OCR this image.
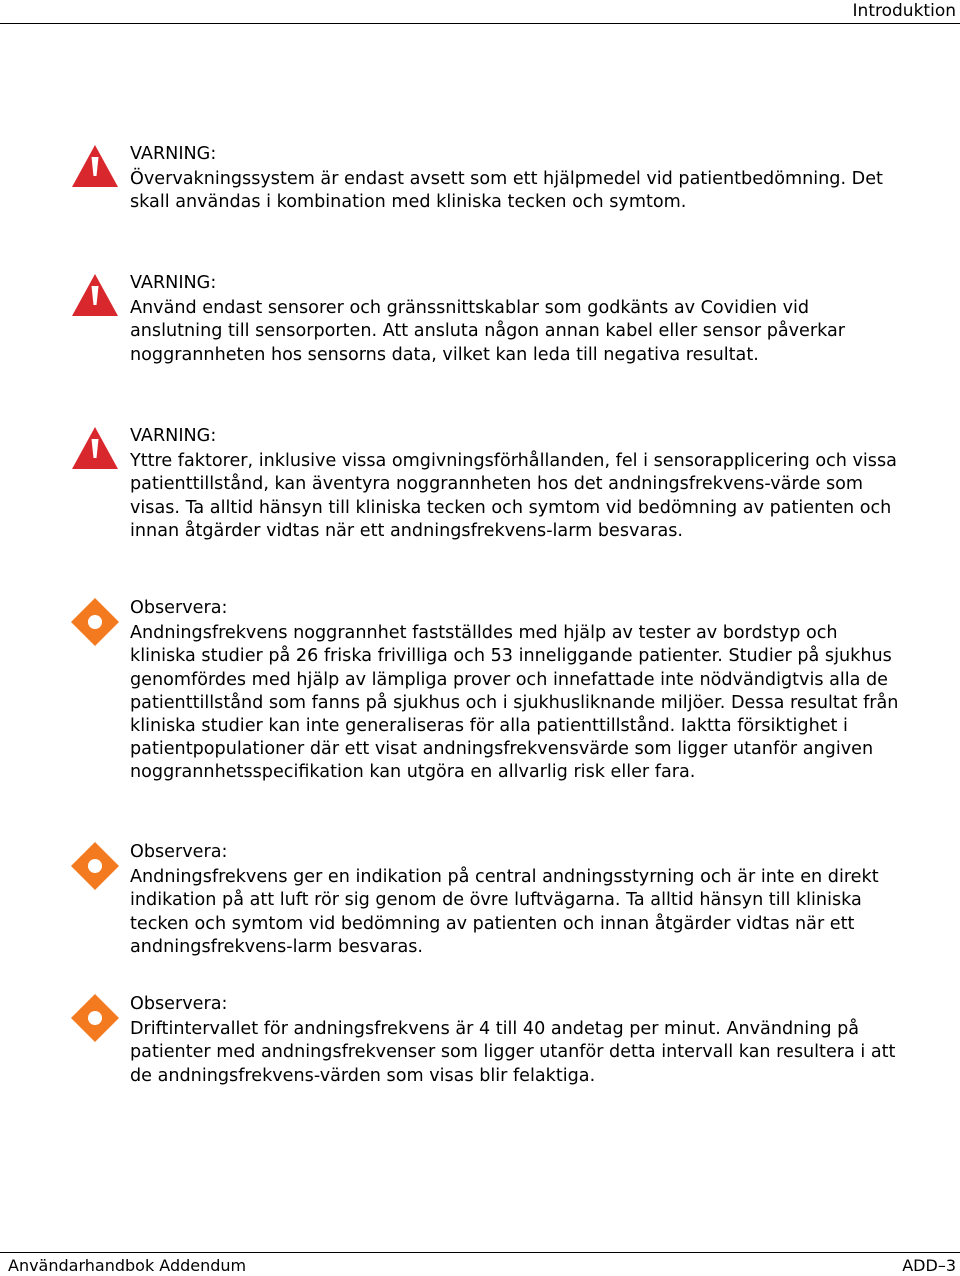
Introduktion
VARNING:
Övervakningssystem är endast avsett som ett hjälpmedel vid patientbedömning. Det skall användas i kombination med kliniska tecken och symtom.
VARNING:
Använd endast sensorer och gränssnittskablar som godkänts av Covidien vid anslutning till sensorporten. Att ansluta någon annan kabel eller sensor påverkar noggrannheten hos sensorns data, vilket kan leda till negativa resultat.
VARNING:
Yttre faktorer, inklusive vissa omgivningsförhållanden, fel i sensorapplicering och vissa patienttillstånd, kan äventyra noggrannheten hos det andningsfrekvens-värde som visas. Ta alltid hänsyn till kliniska tecken och symtom vid bedömning av patienten och innan åtgärder vidtas när ett andningsfrekvens-larm besvaras.
Observera:
Andningsfrekvens noggrannhet fastställdes med hjälp av tester av bordstyp och kliniska studier på 26 friska frivilliga och 53 inneliggande patienter. Studier på sjukhus genomfördes med hjälp av lämpliga prover och innefattade inte nödvändigtvis alla de patienttillstånd som fanns på sjukhus och i sjukhusliknande miljöer. Dessa resultat från kliniska studier kan inte generaliseras för alla patienttillstånd. Iaktta försiktighet i patientpopulationer där ett visat andningsfrekvensvärde som ligger utanför angiven noggrannhetsspecifikation kan utgöra en allvarlig risk eller fara.
Observera:
Andningsfrekvens ger en indikation på central andningsstyrning och är inte en direkt indikation på att luft rör sig genom de övre luftvägarna. Ta alltid hänsyn till kliniska tecken och symtom vid bedömning av patienten och innan åtgärder vidtas när ett andningsfrekvens-larm besvaras.
Observera:
Driftintervallet för andningsfrekvens är 4 till 40 andetag per minut. Användning på patienter med andningsfrekvenser som ligger utanför detta intervall kan resultera i att de andningsfrekvens-värden som visas blir felaktiga.
Användarhandbok Addendum	ADD–3
